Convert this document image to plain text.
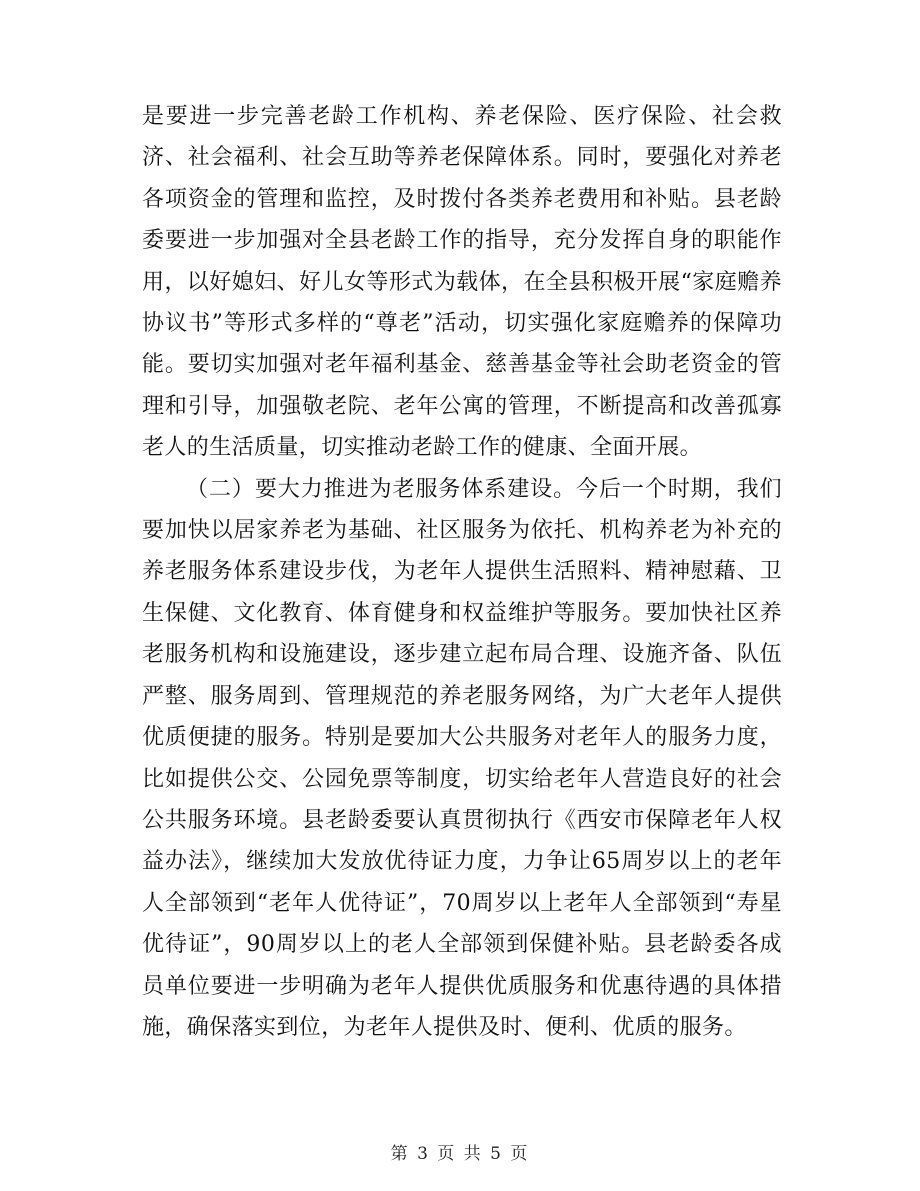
是要进一步完善老龄工作机构、养老保险、医疗保险、社会救济、社会福利、社会互助等养老保障体系。同时，要强化对养老各项资金的管理和监控，及时拨付各类养老费用和补贴。县老龄委要进一步加强对全县老龄工作的指导，充分发挥自身的职能作用，以好媳妇、好儿女等形式为载体，在全县积极开展“家庭赡养协议书”等形式多样的“尊老”活动，切实强化家庭赡养的保障功能。要切实加强对老年福利基金、慈善基金等社会助老资金的管理和引导，加强敬老院、老年公寓的管理，不断提高和改善孤寡老人的生活质量，切实推动老龄工作的健康、全面开展。

（二）要大力推进为老服务体系建设。今后一个时期，我们要加快以居家养老为基础、社区服务为依托、机构养老为补充的养老服务体系建设步伐，为老年人提供生活照料、精神慰藉、卫生保健、文化教育、体育健身和权益维护等服务。要加快社区养老服务机构和设施建设，逐步建立起布局合理、设施齐备、队伍严整、服务周到、管理规范的养老服务网络，为广大老年人提供优质便捷的服务。特别是要加大公共服务对老年人的服务力度，比如提供公交、公园免票等制度，切实给老年人营造良好的社会公共服务环境。县老龄委要认真贯彻执行《西安市保障老年人权益办法》，继续加大发放优待证力度，力争让65周岁以上的老年人全部领到“老年人优待证”，70周岁以上老年人全部领到“寿星优待证”，90周岁以上的老人全部领到保健补贴。县老龄委各成员单位要进一步明确为老年人提供优质服务和优惠待遇的具体措施，确保落实到位，为老年人提供及时、便利、优质的服务。

第 3 页 共 5 页
